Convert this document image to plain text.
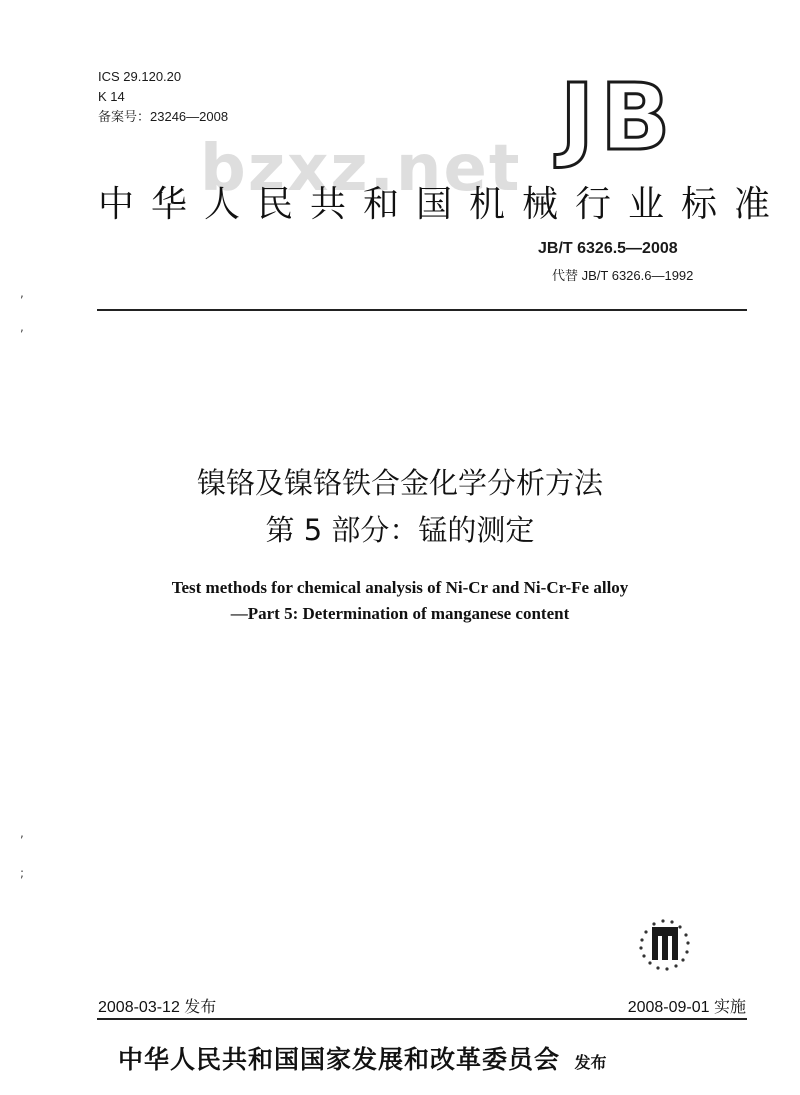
,
,
,
;
ICS 29.120.20
K 14
备案号：23246—2008	JB
bzxz.net
中华人民共和国机械行业标准
JB/T 6326.5—2008
代替 JB/T 6326.6—1992
镍铬及镍铬铁合金化学分析方法
第 5 部分：锰的测定
Test methods for chemical analysis of Ni-Cr and Ni-Cr-Fe alloy
—Part 5: Determination of manganese content
2008-03-12 发布	2008-09-01 实施
中华人民共和国国家发展和改革委员会 发布
